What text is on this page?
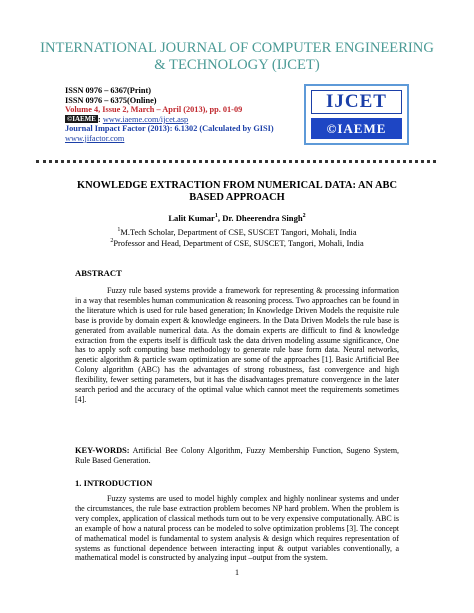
INTERNATIONAL JOURNAL OF COMPUTER ENGINEERING
& TECHNOLOGY (IJCET)
ISSN 0976 – 6367(Print)
ISSN 0976 – 6375(Online)
Volume 4, Issue 2, March – April (2013), pp. 01-09
©IAEME : www.iaeme.com/ijcet.asp
Journal Impact Factor (2013): 6.1302 (Calculated by GISI)
www.jifactor.com
IJCET
©IAEME
KNOWLEDGE EXTRACTION FROM NUMERICAL DATA: AN ABC
BASED APPROACH
Lalit Kumar$^1$, Dr. Dheerendra Singh$^2$
$^1$M.Tech Scholar, Department of CSE, SUSCET Tangori, Mohali, India
$^2$Professor and Head, Department of CSE, SUSCET, Tangori, Mohali, India
ABSTRACT
Fuzzy rule based systems provide a framework for representing & processing information in a way that resembles human communication & reasoning process. Two approaches can be found in the literature which is used for rule based generation; In Knowledge Driven Models the requisite rule base is provide by domain expert & knowledge engineers. In the Data Driven Models the rule base is generated from available numerical data. As the domain experts are difficult to find & knowledge extraction from the experts itself is difficult task the data driven modeling assume significance, One has to apply soft computing base methodology to generate rule base form data. Neural networks, genetic algorithm & particle swam optimization are some of the approaches [1]. Basic Artificial Bee Colony algorithm (ABC) has the advantages of strong robustness, fast convergence and high flexibility, fewer setting parameters, but it has the disadvantages premature convergence in the later search period and the accuracy of the optimal value which cannot meet the requirements sometimes [4].
KEY-WORDS: Artificial Bee Colony Algorithm, Fuzzy Membership Function, Sugeno System, Rule Based Generation.
1. INTRODUCTION
Fuzzy systems are used to model highly complex and highly nonlinear systems and under the circumstances, the rule base extraction problem becomes NP hard problem. When the problem is very complex, application of classical methods turn out to be very expensive computationally. ABC is an example of how a natural process can be modeled to solve optimization problems [3]. The concept of mathematical model is fundamental to system analysis & design which requires representation of systems as functional dependence between interacting input & output variables conventionally, a mathematical model is constructed by analyzing input –output from the system.
1
